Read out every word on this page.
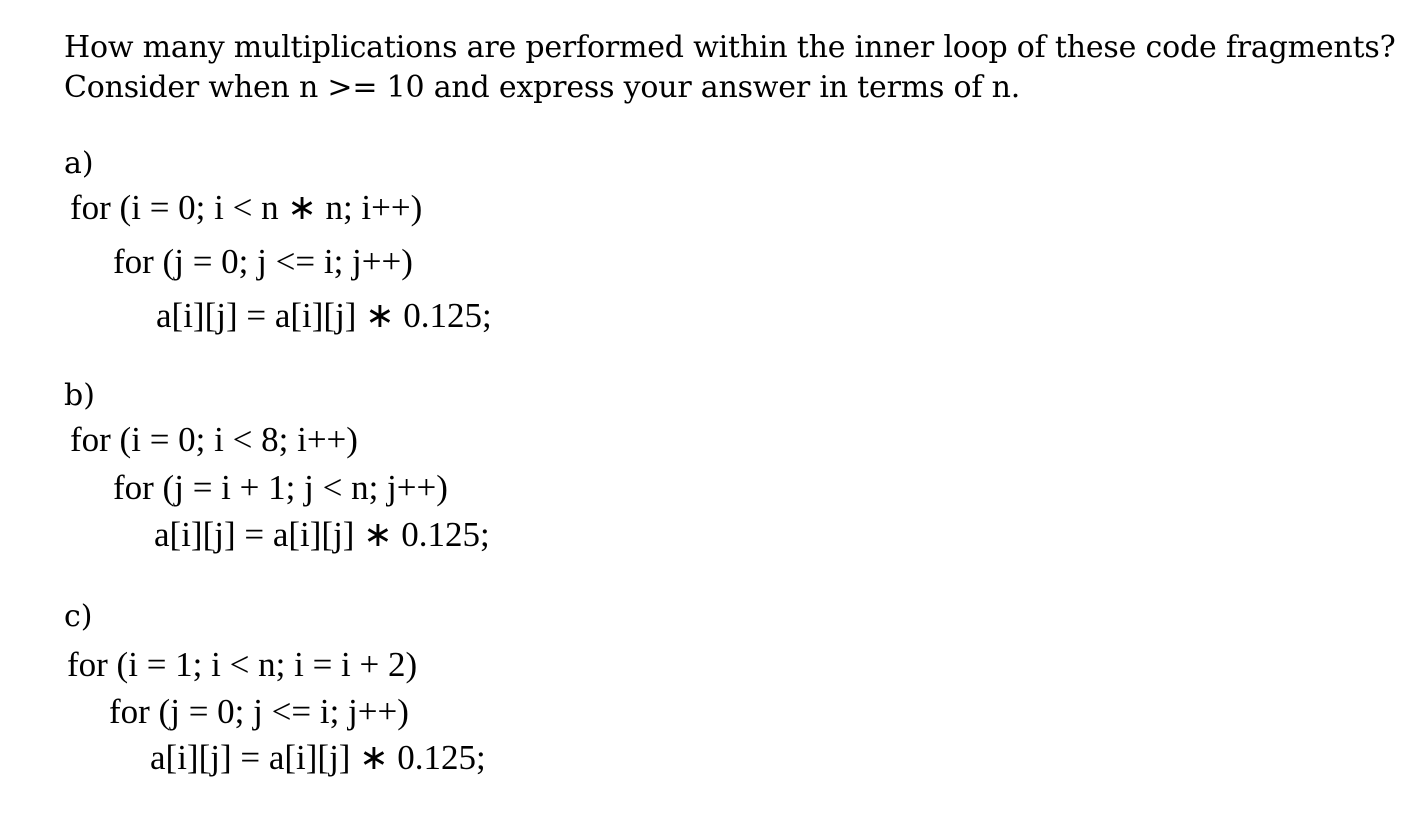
How many multiplications are performed within the inner loop of these code fragments?
Consider when n >= 10 and express your answer in terms of n.
a)
for (i = 0; i < n ∗ n; i++)
for (j = 0; j <= i; j++)
a[i][j] = a[i][j] ∗ 0.125;
b)
for (i = 0; i < 8; i++)
for (j = i + 1; j < n; j++)
a[i][j] = a[i][j] ∗ 0.125;
c)
for (i = 1; i < n; i = i + 2)
for (j = 0; j <= i; j++)
a[i][j] = a[i][j] ∗ 0.125;
